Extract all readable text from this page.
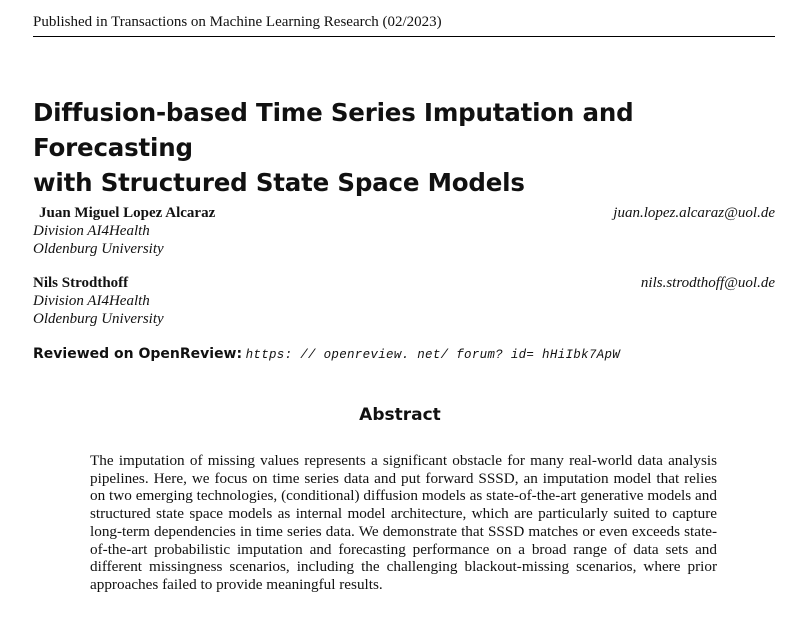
Published in Transactions on Machine Learning Research (02/2023)
Diffusion-based Time Series Imputation and Forecasting
with Structured State Space Models
Juan Miguel Lopez Alcaraz	juan.lopez.alcaraz@uol.de
Division AI4Health
Oldenburg University
Nils Strodthoff	nils.strodthoff@uol.de
Division AI4Health
Oldenburg University
Reviewed on OpenReview: https: // openreview. net/ forum? id= hHiIbk7ApW
Abstract
The imputation of missing values represents a significant obstacle for many real-world data analysis pipelines. Here, we focus on time series data and put forward SSSD, an imputation model that relies on two emerging technologies, (conditional) diffusion models as state-of-the-art generative models and structured state space models as internal model architecture, which are particularly suited to capture long-term dependencies in time series data. We demonstrate that SSSD matches or even exceeds state-of-the-art probabilistic imputation and forecasting performance on a broad range of data sets and different missingness scenarios, including the challenging blackout-missing scenarios, where prior approaches failed to provide meaningful results.
